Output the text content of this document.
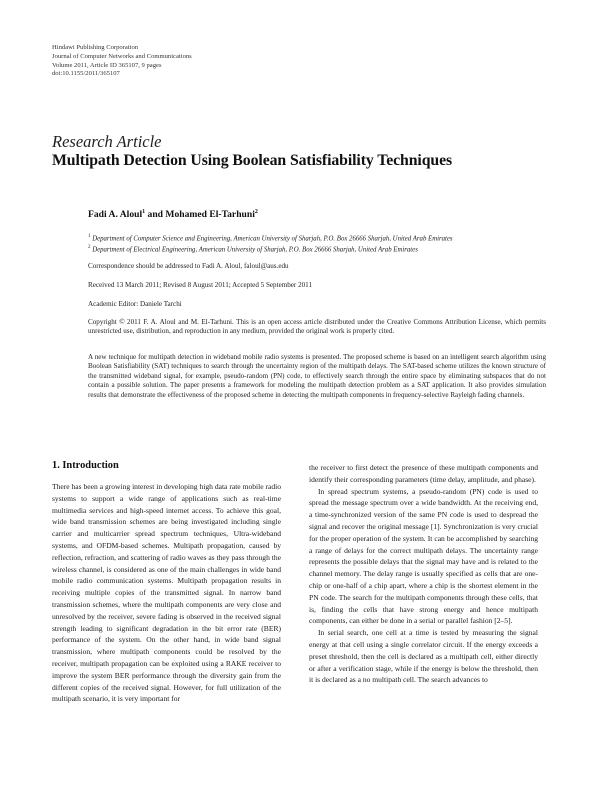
Hindawi Publishing Corporation
Journal of Computer Networks and Communications
Volume 2011, Article ID 365107, 9 pages
doi:10.1155/2011/365107
Research Article
Multipath Detection Using Boolean Satisfiability Techniques
Fadi A. Aloul$^1$ and Mohamed El-Tarhuni$^2$
$^1$ Department of Computer Science and Engineering, American University of Sharjah, P.O. Box 26666 Sharjah, United Arab Emirates
$^2$ Department of Electrical Engineering, American University of Sharjah, P.O. Box 26666 Sharjah, United Arab Emirates
Correspondence should be addressed to Fadi A. Aloul, faloul@aus.edu
Received 13 March 2011; Revised 8 August 2011; Accepted 5 September 2011
Academic Editor: Daniele Tarchi
Copyright © 2011 F. A. Aloul and M. El-Tarhuni. This is an open access article distributed under the Creative Commons Attribution License, which permits unrestricted use, distribution, and reproduction in any medium, provided the original work is properly cited.
A new technique for multipath detection in wideband mobile radio systems is presented. The proposed scheme is based on an intelligent search algorithm using Boolean Satisfiability (SAT) techniques to search through the uncertainty region of the multipath delays. The SAT-based scheme utilizes the known structure of the transmitted wideband signal, for example, pseudo-random (PN) code, to effectively search through the entire space by eliminating subspaces that do not contain a possible solution. The paper presents a framework for modeling the multipath detection problem as a SAT application. It also provides simulation results that demonstrate the effectiveness of the proposed scheme in detecting the multipath components in frequency-selective Rayleigh fading channels.
1. Introduction

There has been a growing interest in developing high data rate mobile radio systems to support a wide range of applications such as real-time multimedia services and high-speed internet access. To achieve this goal, wide band transmission schemes are being investigated including single carrier and multicarrier spread spectrum techniques, Ultra-wideband systems, and OFDM-based schemes. Multipath propagation, caused by reflection, refraction, and scattering of radio waves as they pass through the wireless channel, is considered as one of the main challenges in wide band mobile radio communication systems. Multipath propagation results in receiving multiple copies of the transmitted signal. In narrow band transmission schemes, where the multipath components are very close and unresolved by the receiver, severe fading is observed in the received signal strength leading to significant degradation in the bit error rate (BER) performance of the system. On the other hand, in wide band signal transmission, where multipath components could be resolved by the receiver, multipath propagation can be exploited using a RAKE receiver to improve the system BER performance through the diversity gain from the different copies of the received signal. However, for full utilization of the multipath scenario, it is very important for

the receiver to first detect the presence of these multipath components and identify their corresponding parameters (time delay, amplitude, and phase).

In spread spectrum systems, a pseudo-random (PN) code is used to spread the message spectrum over a wide bandwidth. At the receiving end, a time-synchronized version of the same PN code is used to despread the signal and recover the original message [1]. Synchronization is very crucial for the proper operation of the system. It can be accomplished by searching a range of delays for the correct multipath delays. The uncertainty range represents the possible delays that the signal may have and is related to the channel memory. The delay range is usually specified as cells that are one-chip or one-half of a chip apart, where a chip is the shortest element in the PN code. The search for the multipath components through these cells, that is, finding the cells that have strong energy and hence multipath components, can either be done in a serial or parallel fashion [2–5].

In serial search, one cell at a time is tested by measuring the signal energy at that cell using a single correlator circuit. If the energy exceeds a preset threshold, then the cell is declared as a multipath cell, either directly or after a verification stage, while if the energy is below the threshold, then it is declared as a no multipath cell. The search advances to
